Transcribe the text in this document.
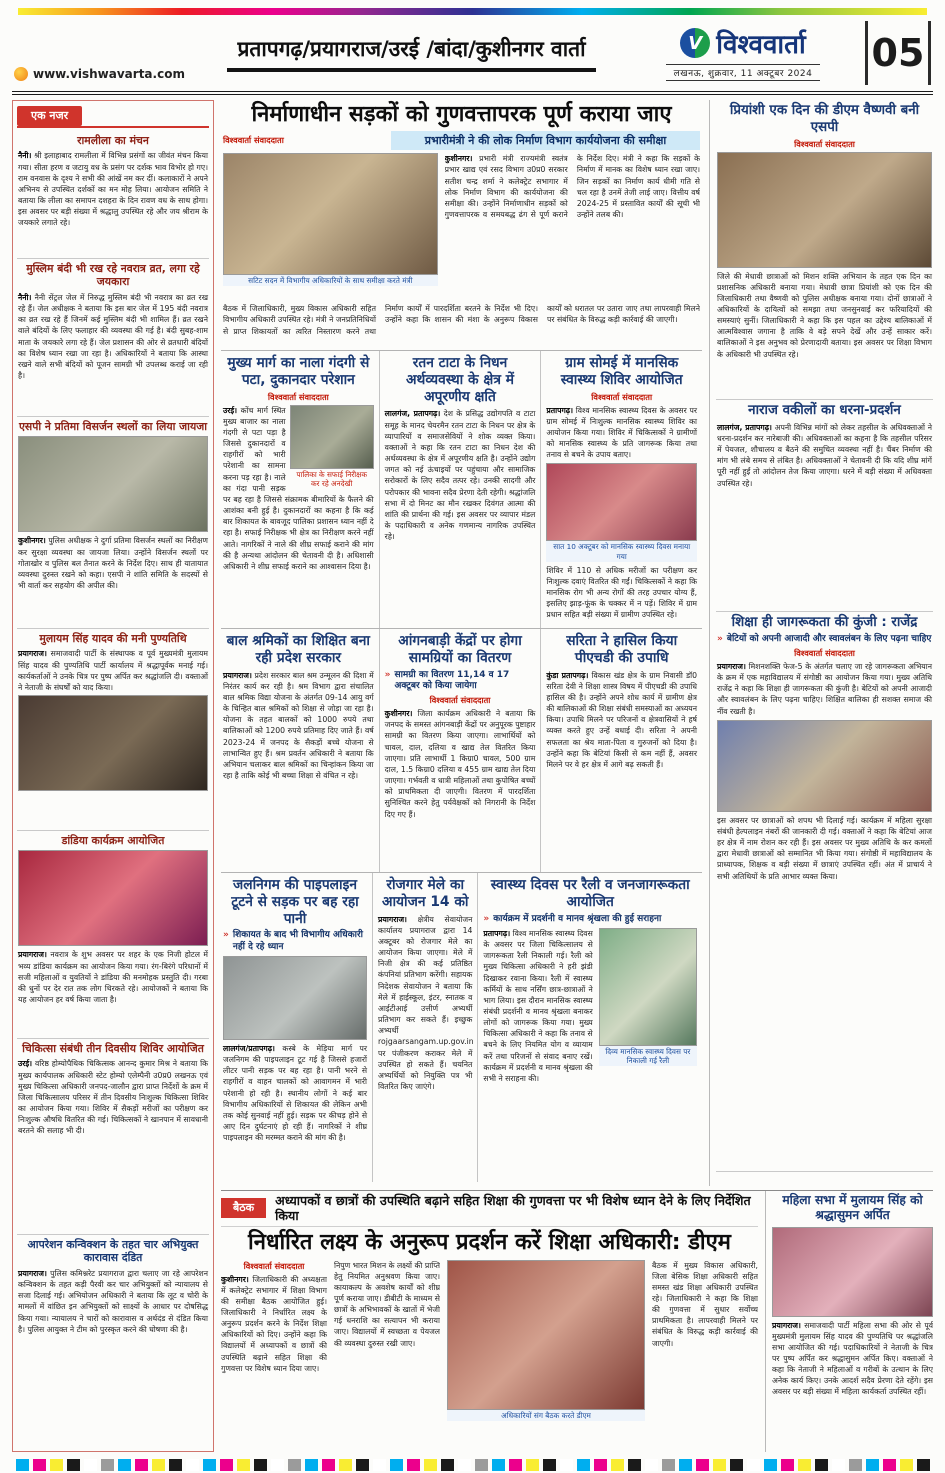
www.vishwavarta.com
प्रतापगढ़/प्रयागराज/उरई /बांदा/कुशीनगर वार्ता	V विश्ववार्ता
लखनऊ, शुक्रवार, 11 अक्टूबर 2024 05
एक नजर
रामलीला का मंचन

नैनी। श्री इलाहाबाद रामलीला में विभिन्न प्रसंगों का जीवंत मंचन किया गया। सीता हरण व जटायु वध के प्रसंग पर दर्शक भाव विभोर हो गए। राम वनवास के दृश्य ने सभी की आंखें नम कर दीं। कलाकारों ने अपने अभिनय से उपस्थित दर्शकों का मन मोह लिया। आयोजन समिति ने बताया कि लीला का समापन दशहरा के दिन रावण वध के साथ होगा। इस अवसर पर बड़ी संख्या में श्रद्धालु उपस्थित रहे और जय श्रीराम के जयकारे लगाते रहे।

मुस्लिम बंदी भी रख रहे नवरात्र व्रत, लगा रहे जयकारा

नैनी। नैनी सेंट्रल जेल में निरुद्ध मुस्लिम बंदी भी नवरात्र का व्रत रख रहे हैं। जेल अधीक्षक ने बताया कि इस बार जेल में 195 बंदी नवरात्र का व्रत रख रहे हैं जिनमें कई मुस्लिम बंदी भी शामिल हैं। व्रत रखने वाले बंदियों के लिए फलाहार की व्यवस्था की गई है। बंदी सुबह-शाम माता के जयकारे लगा रहे हैं। जेल प्रशासन की ओर से व्रतधारी बंदियों का विशेष ध्यान रखा जा रहा है। अधिकारियों ने बताया कि आस्था रखने वाले सभी बंदियों को पूजन सामग्री भी उपलब्ध कराई जा रही है।

एसपी ने प्रतिमा विसर्जन स्थलों का लिया जायजा

कुशीनगर। पुलिस अधीक्षक ने दुर्गा प्रतिमा विसर्जन स्थलों का निरीक्षण कर सुरक्षा व्यवस्था का जायजा लिया। उन्होंने विसर्जन स्थलों पर गोताखोर व पुलिस बल तैनात करने के निर्देश दिए। साथ ही यातायात व्यवस्था दुरुस्त रखने को कहा। एसपी ने शांति समिति के सदस्यों से भी वार्ता कर सहयोग की अपील की।

मुलायम सिंह यादव की मनी पुण्यतिथि

प्रयागराज। समाजवादी पार्टी के संस्थापक व पूर्व मुख्यमंत्री मुलायम सिंह यादव की पुण्यतिथि पार्टी कार्यालय में श्रद्धापूर्वक मनाई गई। कार्यकर्ताओं ने उनके चित्र पर पुष्प अर्पित कर श्रद्धांजलि दी। वक्ताओं ने नेताजी के संघर्षों को याद किया।

डांडिया कार्यक्रम आयोजित

प्रयागराज। नवरात्र के शुभ अवसर पर शहर के एक निजी होटल में भव्य डांडिया कार्यक्रम का आयोजन किया गया। रंग-बिरंगे परिधानों में सजी महिलाओं व युवतियों ने डांडिया की मनमोहक प्रस्तुति दी। गरबा की धुनों पर देर रात तक लोग थिरकते रहे। आयोजकों ने बताया कि यह आयोजन हर वर्ष किया जाता है।

चिकित्सा संबंधी तीन दिवसीय शिविर आयोजित

उरई। वरिष्ठ होम्योपैथिक चिकित्सक आनन्द कुमार मिश्र ने बताया कि मुख्य कार्यपालक अधिकारी स्टेट होम्यो एलेम्पैनी उ0प्र0 लखनऊ एवं मुख्य चिकित्सा अधिकारी जनपद-जालौन द्वारा प्राप्त निर्देशों के क्रम में जिला चिकित्सालय परिसर में तीन दिवसीय निःशुल्क चिकित्सा शिविर का आयोजन किया गया। शिविर में सैकड़ों मरीजों का परीक्षण कर निःशुल्क औषधि वितरित की गई। चिकित्सकों ने खानपान में सावधानी बरतने की सलाह भी दी।

आपरेशन कन्विक्शन के तहत चार अभियुक्त कारावास दंडित

प्रयागराज। पुलिस कमिश्नरेट प्रयागराज द्वारा चलाए जा रहे आपरेशन कन्विक्शन के तहत कड़ी पैरवी कर चार अभियुक्तों को न्यायालय से सजा दिलाई गई। अभियोजन अधिकारी ने बताया कि लूट व चोरी के मामलों में वांछित इन अभियुक्तों को साक्ष्यों के आधार पर दोषसिद्ध किया गया। न्यायालय ने चारों को कारावास व अर्थदंड से दंडित किया है। पुलिस आयुक्त ने टीम को पुरस्कृत करने की घोषणा की है।

निर्माणाधीन सड़कों को गुणवत्तापरक पूर्ण कराया जाए
विश्ववार्ता संवाददाता	प्रभारीमंत्री ने की लोक निर्माण विभाग कार्ययोजना की समीक्षा
सटिट सदन में विभागीय अधिकारियों के साथ समीक्षा करते मंत्री

कुशीनगर। प्रभारी मंत्री राज्यमंत्री स्वतंत्र प्रभार खाद्य एवं रसद विभाग उ0प्र0 सरकार सतीश चन्द्र शर्मा ने कलेक्ट्रेट सभागार में लोक निर्माण विभाग की कार्ययोजना की समीक्षा की। उन्होंने निर्माणाधीन सड़कों को गुणवत्तापरक व समयबद्ध ढंग से पूर्ण कराने के निर्देश दिए। मंत्री ने कहा कि सड़कों के निर्माण में मानक का विशेष ध्यान रखा जाए। जिन सड़कों का निर्माण कार्य धीमी गति से चल रहा है उनमें तेजी लाई जाए। वित्तीय वर्ष 2024-25 में प्रस्तावित कार्यों की सूची भी उन्होंने तलब की।

बैठक में जिलाधिकारी, मुख्य विकास अधिकारी सहित विभागीय अधिकारी उपस्थित रहे। मंत्री ने जनप्रतिनिधियों से प्राप्त शिकायतों का त्वरित निस्तारण करने तथा निर्माण कार्यों में पारदर्शिता बरतने के निर्देश भी दिए। उन्होंने कहा कि शासन की मंशा के अनुरूप विकास कार्यों को धरातल पर उतारा जाए तथा लापरवाही मिलने पर संबंधित के विरुद्ध कड़ी कार्रवाई की जाएगी।
मुख्य मार्ग का नाला गंदगी से पटा, दुकानदार परेशान
विश्ववार्ता संवाददाता
पालिका के सफाई निरीक्षक कर रहे अनदेखी

उरई। कोंच मार्ग स्थित मुख्य बाजार का नाला गंदगी से पटा पड़ा है जिससे दुकानदारों व राहगीरों को भारी परेशानी का सामना करना पड़ रहा है। नाले का गंदा पानी सड़क पर बह रहा है जिससे संक्रामक बीमारियों के फैलने की आशंका बनी हुई है। दुकानदारों का कहना है कि कई बार शिकायत के बावजूद पालिका प्रशासन ध्यान नहीं दे रहा है। सफाई निरीक्षक भी क्षेत्र का निरीक्षण करने नहीं आते। नागरिकों ने नाले की शीघ्र सफाई कराने की मांग की है अन्यथा आंदोलन की चेतावनी दी है। अधिशासी अधिकारी ने शीघ्र सफाई कराने का आश्वासन दिया है।

रतन टाटा के निधन अर्थव्यवस्था के क्षेत्र में अपूरणीय क्षति

लालगंज, प्रतापगढ़। देश के प्रसिद्ध उद्योगपति व टाटा समूह के मानद चेयरमैन रतन टाटा के निधन पर क्षेत्र के व्यापारियों व समाजसेवियों ने शोक व्यक्त किया। वक्ताओं ने कहा कि रतन टाटा का निधन देश की अर्थव्यवस्था के क्षेत्र में अपूरणीय क्षति है। उन्होंने उद्योग जगत को नई ऊंचाइयों पर पहुंचाया और सामाजिक सरोकारों के लिए सदैव तत्पर रहे। उनकी सादगी और परोपकार की भावना सदैव प्रेरणा देती रहेगी। श्रद्धांजलि सभा में दो मिनट का मौन रखकर दिवंगत आत्मा की शांति की प्रार्थना की गई। इस अवसर पर व्यापार मंडल के पदाधिकारी व अनेक गणमान्य नागरिक उपस्थित रहे।

ग्राम सोमई में मानसिक स्वास्थ्य शिविर आयोजित
विश्ववार्ता संवाददाता

प्रतापगढ़। विश्व मानसिक स्वास्थ्य दिवस के अवसर पर ग्राम सोमई में निःशुल्क मानसिक स्वास्थ्य शिविर का आयोजन किया गया। शिविर में चिकित्सकों ने ग्रामीणों को मानसिक स्वास्थ्य के प्रति जागरूक किया तथा तनाव से बचने के उपाय बताए।

सात 10 अक्टूबर को मानसिक स्वास्थ्य दिवस मनाया गया

शिविर में 110 से अधिक मरीजों का परीक्षण कर निःशुल्क दवाएं वितरित की गईं। चिकित्सकों ने कहा कि मानसिक रोग भी अन्य रोगों की तरह उपचार योग्य हैं, इसलिए झाड़-फूंक के चक्कर में न पड़ें। शिविर में ग्राम प्रधान सहित बड़ी संख्या में ग्रामीण उपस्थित रहे।

बाल श्रमिकों का शिक्षित बना रही प्रदेश सरकार

प्रयागराज। प्रदेश सरकार बाल श्रम उन्मूलन की दिशा में निरंतर कार्य कर रही है। श्रम विभाग द्वारा संचालित बाल श्रमिक विद्या योजना के अंतर्गत 09-14 आयु वर्ग के चिन्हित बाल श्रमिकों को शिक्षा से जोड़ा जा रहा है। योजना के तहत बालकों को 1000 रुपये तथा बालिकाओं को 1200 रुपये प्रतिमाह दिए जाते हैं। वर्ष 2023-24 में जनपद के सैकड़ों बच्चे योजना से लाभान्वित हुए हैं। श्रम प्रवर्तन अधिकारी ने बताया कि अभियान चलाकर बाल श्रमिकों का चिन्हांकन किया जा रहा है ताकि कोई भी बच्चा शिक्षा से वंचित न रहे।

आंगनबाड़ी केंद्रों पर होगा सामग्रियों का वितरण
» सामग्री का वितरण 11,14 व 17 अक्टूबर को किया जायेगा
विश्ववार्ता संवाददाता

कुशीनगर। जिला कार्यक्रम अधिकारी ने बताया कि जनपद के समस्त आंगनबाड़ी केंद्रों पर अनुपूरक पुष्टाहार सामग्री का वितरण किया जाएगा। लाभार्थियों को चावल, दाल, दलिया व खाद्य तेल वितरित किया जाएगा। प्रति लाभार्थी 1 किग्रा0 चावल, 500 ग्राम दाल, 1.5 किग्रा0 दलिया व 455 ग्राम खाद्य तेल दिया जाएगा। गर्भवती व धात्री महिलाओं तथा कुपोषित बच्चों को प्राथमिकता दी जाएगी। वितरण में पारदर्शिता सुनिश्चित करने हेतु पर्यवेक्षकों को निगरानी के निर्देश दिए गए हैं।

सरिता ने हासिल किया पीएचडी की उपाधि

कुंडा प्रतापगढ़। विकास खंड क्षेत्र के ग्राम निवासी डॉ0 सरिता देवी ने शिक्षा शास्त्र विषय में पीएचडी की उपाधि हासिल की है। उन्होंने अपने शोध कार्य में ग्रामीण क्षेत्र की बालिकाओं की शिक्षा संबंधी समस्याओं का अध्ययन किया। उपाधि मिलने पर परिजनों व क्षेत्रवासियों ने हर्ष व्यक्त करते हुए उन्हें बधाई दी। सरिता ने अपनी सफलता का श्रेय माता-पिता व गुरुजनों को दिया है। उन्होंने कहा कि बेटियां किसी से कम नहीं हैं, अवसर मिलने पर वे हर क्षेत्र में आगे बढ़ सकती हैं।

जलनिगम की पाइपलाइन टूटने से सड़क पर बह रहा पानी
» शिकायत के बाद भी विभागीय अधिकारी नहीं दे रहे ध्यान

लालगंज/प्रतापगढ़। कस्बे के मेड़िया मार्ग पर जलनिगम की पाइपलाइन टूट गई है जिससे हजारों लीटर पानी सड़क पर बह रहा है। पानी भरने से राहगीरों व वाहन चालकों को आवागमन में भारी परेशानी हो रही है। स्थानीय लोगों ने कई बार विभागीय अधिकारियों से शिकायत की लेकिन अभी तक कोई सुनवाई नहीं हुई। सड़क पर कीचड़ होने से आए दिन दुर्घटनाएं हो रही हैं। नागरिकों ने शीघ्र पाइपलाइन की मरम्मत कराने की मांग की है।

रोजगार मेले का आयोजन 14 को

प्रयागराज। क्षेत्रीय सेवायोजन कार्यालय प्रयागराज द्वारा 14 अक्टूबर को रोजगार मेले का आयोजन किया जाएगा। मेले में निजी क्षेत्र की कई प्रतिष्ठित कंपनियां प्रतिभाग करेंगी। सहायक निदेशक सेवायोजन ने बताया कि मेले में हाईस्कूल, इंटर, स्नातक व आईटीआई उत्तीर्ण अभ्यर्थी प्रतिभाग कर सकते हैं। इच्छुक अभ्यर्थी rojgaarsangam.up.gov.in पर पंजीकरण कराकर मेले में उपस्थित हो सकते हैं। चयनित अभ्यर्थियों को नियुक्ति पत्र भी वितरित किए जाएंगे।

स्वास्थ्य दिवस पर रैली व जनजागरूकता आयोजित
» कार्यक्रम में प्रदर्शनी व मानव श्रृंखला की हुई सराहना

प्रतापगढ़। विश्व मानसिक स्वास्थ्य दिवस के अवसर पर जिला चिकित्सालय से जागरूकता रैली निकाली गई। रैली को मुख्य चिकित्सा अधिकारी ने हरी झंडी दिखाकर रवाना किया। रैली में स्वास्थ्य कर्मियों के साथ नर्सिंग छात्र-छात्राओं ने भाग लिया। इस दौरान मानसिक स्वास्थ्य संबंधी प्रदर्शनी व मानव श्रृंखला बनाकर लोगों को जागरूक किया गया। मुख्य चिकित्सा अधिकारी ने कहा कि तनाव से बचने के लिए नियमित योग व व्यायाम करें तथा परिजनों से संवाद बनाए रखें। कार्यक्रम में प्रदर्शनी व मानव श्रृंखला की सभी ने सराहना की।

दिव्य मानसिक स्वास्थ्य दिवस पर निकाली गई रैली
प्रियांशी एक दिन की डीएम वैष्णवी बनी एसपी
विश्ववार्ता संवाददाता

जिले की मेधावी छात्राओं को मिशन शक्ति अभियान के तहत एक दिन का प्रशासनिक अधिकारी बनाया गया। मेधावी छात्रा प्रियांशी को एक दिन की जिलाधिकारी तथा वैष्णवी को पुलिस अधीक्षक बनाया गया। दोनों छात्राओं ने अधिकारियों के दायित्वों को समझा तथा जनसुनवाई कर फरियादियों की समस्याएं सुनीं। जिलाधिकारी ने कहा कि इस पहल का उद्देश्य बालिकाओं में आत्मविश्वास जगाना है ताकि वे बड़े सपने देखें और उन्हें साकार करें। बालिकाओं ने इस अनुभव को प्रेरणादायी बताया। इस अवसर पर शिक्षा विभाग के अधिकारी भी उपस्थित रहे।

नाराज वकीलों का धरना-प्रदर्शन

लालगंज, प्रतापगढ़। अपनी विभिन्न मांगों को लेकर तहसील के अधिवक्ताओं ने धरना-प्रदर्शन कर नारेबाजी की। अधिवक्ताओं का कहना है कि तहसील परिसर में पेयजल, शौचालय व बैठने की समुचित व्यवस्था नहीं है। चैंबर निर्माण की मांग भी लंबे समय से लंबित है। अधिवक्ताओं ने चेतावनी दी कि यदि शीघ्र मांगें पूरी नहीं हुईं तो आंदोलन तेज किया जाएगा। धरने में बड़ी संख्या में अधिवक्ता उपस्थित रहे।

शिक्षा ही जागरूकता की कुंजी : राजेंद्र
» बेटियों को अपनी आजादी और स्वावलंबन के लिए पढ़ना चाहिए
विश्ववार्ता संवाददाता

प्रयागराज। मिशनशक्ति फेज-5 के अंतर्गत चलाए जा रहे जागरूकता अभियान के क्रम में एक महाविद्यालय में संगोष्ठी का आयोजन किया गया। मुख्य अतिथि राजेंद्र ने कहा कि शिक्षा ही जागरूकता की कुंजी है। बेटियों को अपनी आजादी और स्वावलंबन के लिए पढ़ना चाहिए। शिक्षित बालिका ही सशक्त समाज की नींव रखती है।

इस अवसर पर छात्राओं को शपथ भी दिलाई गई। कार्यक्रम में महिला सुरक्षा संबंधी हेल्पलाइन नंबरों की जानकारी दी गई। वक्ताओं ने कहा कि बेटियां आज हर क्षेत्र में नाम रोशन कर रही हैं। इस अवसर पर मुख्य अतिथि के कर कमलों द्वारा मेधावी छात्राओं को सम्मानित भी किया गया। संगोष्ठी में महाविद्यालय के प्राध्यापक, शिक्षक व बड़ी संख्या में छात्राएं उपस्थित रहीं। अंत में प्राचार्य ने सभी अतिथियों के प्रति आभार व्यक्त किया।

बैठक	अध्यापकों व छात्रों की उपस्थिति बढ़ाने सहित शिक्षा की गुणवत्ता पर भी विशेष ध्यान देने के लिए निर्देशित किया
निर्धारित लक्ष्य के अनुरूप प्रदर्शन करें शिक्षा अधिकारी: डीएम
विश्ववार्ता संवाददाता

कुशीनगर। जिलाधिकारी की अध्यक्षता में कलेक्ट्रेट सभागार में शिक्षा विभाग की समीक्षा बैठक आयोजित हुई। जिलाधिकारी ने निर्धारित लक्ष्य के अनुरूप प्रदर्शन करने के निर्देश शिक्षा अधिकारियों को दिए। उन्होंने कहा कि विद्यालयों में अध्यापकों व छात्रों की उपस्थिति बढ़ाने सहित शिक्षा की गुणवत्ता पर विशेष ध्यान दिया जाए।

निपुण भारत मिशन के लक्ष्यों की प्राप्ति हेतु नियमित अनुश्रवण किया जाए। कायाकल्प के अवशेष कार्यों को शीघ्र पूर्ण कराया जाए। डीबीटी के माध्यम से छात्रों के अभिभावकों के खातों में भेजी गई धनराशि का सत्यापन भी कराया जाए। विद्यालयों में स्वच्छता व पेयजल की व्यवस्था दुरुस्त रखी जाए।

अधिकारियों संग बैठक करते डीएम

बैठक में मुख्य विकास अधिकारी, जिला बेसिक शिक्षा अधिकारी सहित समस्त खंड शिक्षा अधिकारी उपस्थित रहे। जिलाधिकारी ने कहा कि शिक्षा की गुणवत्ता में सुधार सर्वोच्च प्राथमिकता है। लापरवाही मिलने पर संबंधित के विरुद्ध कड़ी कार्रवाई की जाएगी।

महिला सभा में मुलायम सिंह को श्रद्धासुमन अर्पित

प्रयागराज। समाजवादी पार्टी महिला सभा की ओर से पूर्व मुख्यमंत्री मुलायम सिंह यादव की पुण्यतिथि पर श्रद्धांजलि सभा आयोजित की गई। पदाधिकारियों ने नेताजी के चित्र पर पुष्प अर्पित कर श्रद्धासुमन अर्पित किए। वक्ताओं ने कहा कि नेताजी ने महिलाओं व गरीबों के उत्थान के लिए अनेक कार्य किए। उनके आदर्श सदैव प्रेरणा देते रहेंगे। इस अवसर पर बड़ी संख्या में महिला कार्यकर्ता उपस्थित रहीं।
